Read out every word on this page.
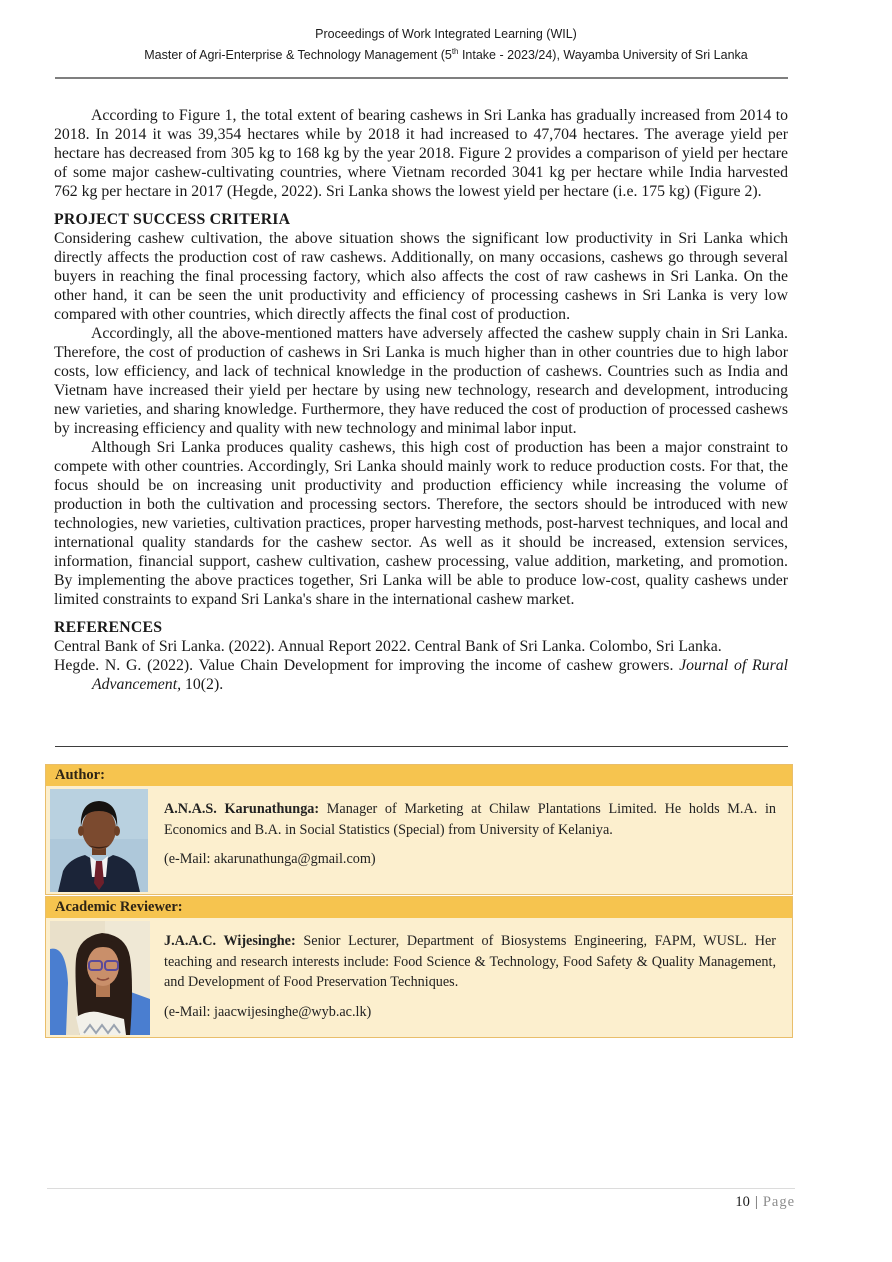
Proceedings of Work Integrated Learning (WIL)
Master of Agri-Enterprise & Technology Management (5th Intake - 2023/24), Wayamba University of Sri Lanka

According to Figure 1, the total extent of bearing cashews in Sri Lanka has gradually increased from 2014 to 2018. In 2014 it was 39,354 hectares while by 2018 it had increased to 47,704 hectares. The average yield per hectare has decreased from 305 kg to 168 kg by the year 2018. Figure 2 provides a comparison of yield per hectare of some major cashew-cultivating countries, where Vietnam recorded 3041 kg per hectare while India harvested 762 kg per hectare in 2017 (Hegde, 2022). Sri Lanka shows the lowest yield per hectare (i.e. 175 kg) (Figure 2).

PROJECT SUCCESS CRITERIA

Considering cashew cultivation, the above situation shows the significant low productivity in Sri Lanka which directly affects the production cost of raw cashews. Additionally, on many occasions, cashews go through several buyers in reaching the final processing factory, which also affects the cost of raw cashews in Sri Lanka. On the other hand, it can be seen the unit productivity and efficiency of processing cashews in Sri Lanka is very low compared with other countries, which directly affects the final cost of production.

Accordingly, all the above-mentioned matters have adversely affected the cashew supply chain in Sri Lanka. Therefore, the cost of production of cashews in Sri Lanka is much higher than in other countries due to high labor costs, low efficiency, and lack of technical knowledge in the production of cashews. Countries such as India and Vietnam have increased their yield per hectare by using new technology, research and development, introducing new varieties, and sharing knowledge. Furthermore, they have reduced the cost of production of processed cashews by increasing efficiency and quality with new technology and minimal labor input.

Although Sri Lanka produces quality cashews, this high cost of production has been a major constraint to compete with other countries. Accordingly, Sri Lanka should mainly work to reduce production costs. For that, the focus should be on increasing unit productivity and production efficiency while increasing the volume of production in both the cultivation and processing sectors. Therefore, the sectors should be introduced with new technologies, new varieties, cultivation practices, proper harvesting methods, post-harvest techniques, and local and international quality standards for the cashew sector. As well as it should be increased, extension services, information, financial support, cashew cultivation, cashew processing, value addition, marketing, and promotion. By implementing the above practices together, Sri Lanka will be able to produce low-cost, quality cashews under limited constraints to expand Sri Lanka's share in the international cashew market.

REFERENCES

Central Bank of Sri Lanka. (2022). Annual Report 2022. Central Bank of Sri Lanka. Colombo, Sri Lanka.

Hegde. N. G. (2022). Value Chain Development for improving the income of cashew growers. Journal of Rural Advancement, 10(2).

Author:

A.N.A.S. Karunathunga: Manager of Marketing at Chilaw Plantations Limited. He holds M.A. in Economics and B.A. in Social Statistics (Special) from University of Kelaniya.

(e-Mail: akarunathunga@gmail.com)

Academic Reviewer:

J.A.A.C. Wijesinghe: Senior Lecturer, Department of Biosystems Engineering, FAPM, WUSL. Her teaching and research interests include: Food Science & Technology, Food Safety & Quality Management, and Development of Food Preservation Techniques.

(e-Mail: jaacwijesinghe@wyb.ac.lk)

10 | Page
